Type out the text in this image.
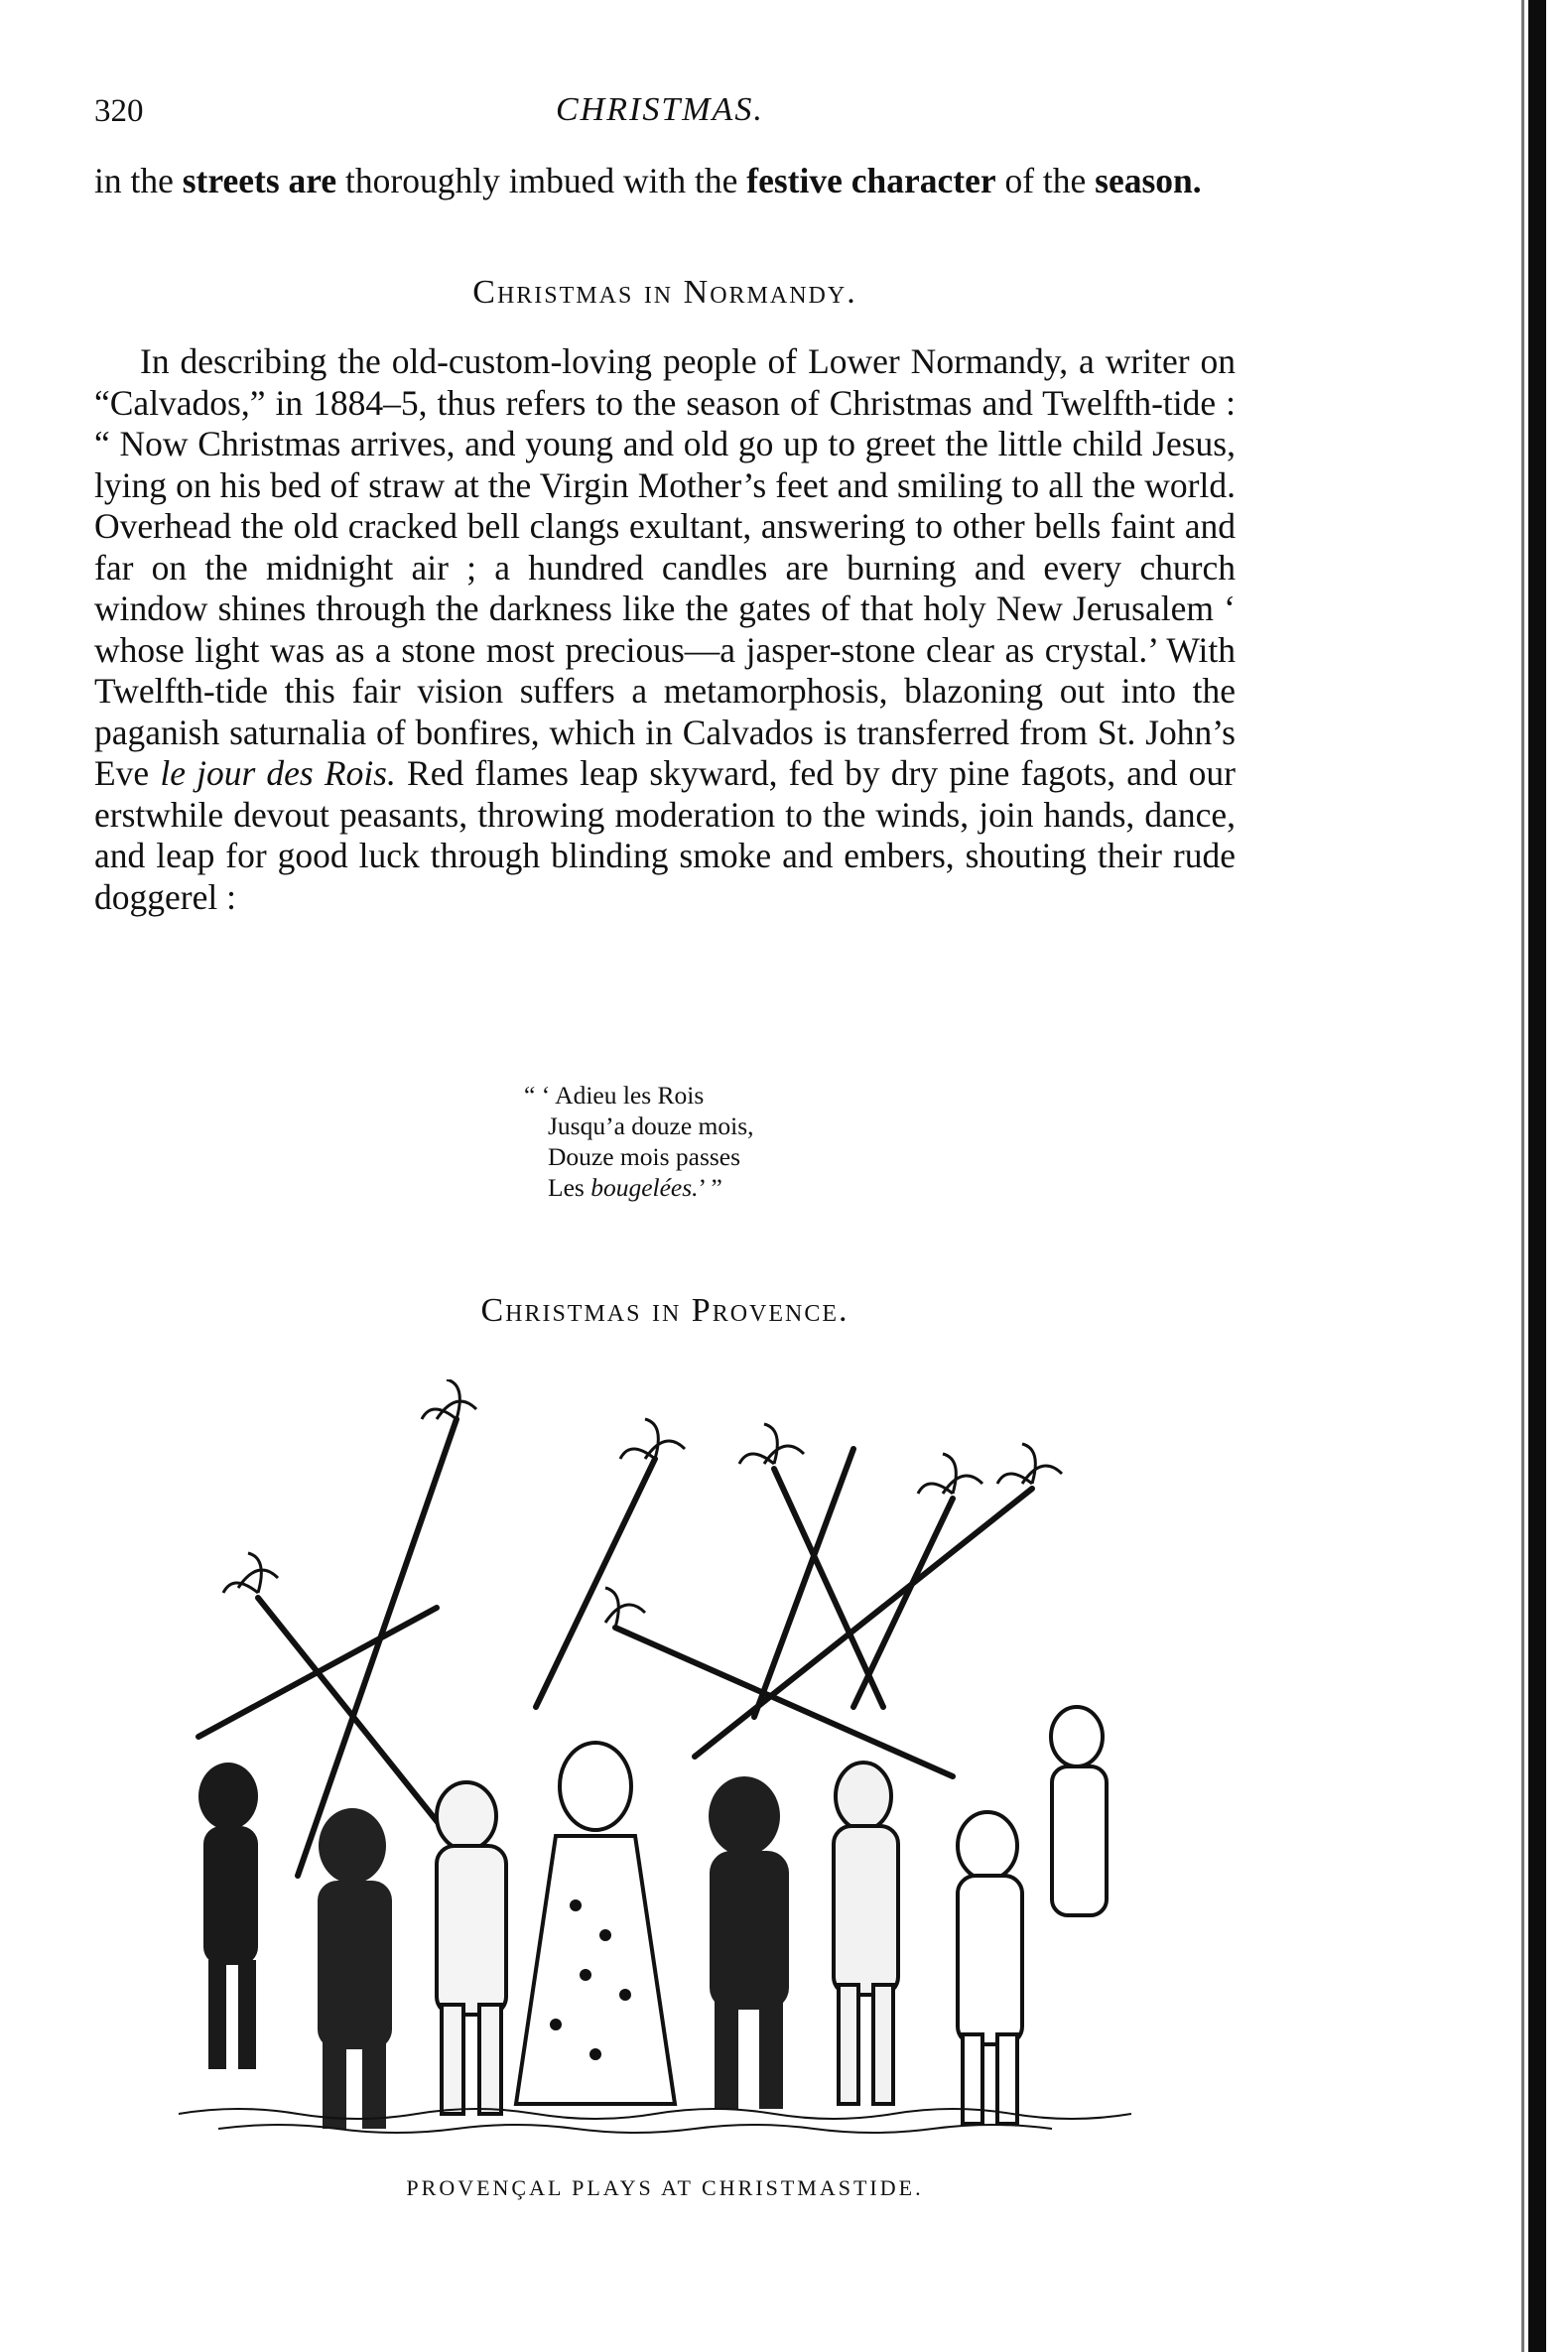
320	CHRISTMAS.
in the streets are thoroughly imbued with the festive character of the season.
Christmas in Normandy.
In describing the old-custom-loving people of Lower Normandy, a writer on “Calvados,” in 1884–5, thus refers to the season of Christmas and Twelfth-tide : “ Now Christmas arrives, and young and old go up to greet the little child Jesus, lying on his bed of straw at the Virgin Mother’s feet and smiling to all the world. Overhead the old cracked bell clangs exultant, answering to other bells faint and far on the midnight air ; a hundred candles are burning and every church window shines through the darkness like the gates of that holy New Jerusalem ‘ whose light was as a stone most precious—a jasper-stone clear as crystal.’ With Twelfth-tide this fair vision suffers a metamorphosis, blazoning out into the paganish saturnalia of bonfires, which in Calvados is transferred from St. John’s Eve le jour des Rois. Red flames leap skyward, fed by dry pine fagots, and our erstwhile devout peasants, throwing moderation to the winds, join hands, dance, and leap for good luck through blinding smoke and embers, shouting their rude doggerel :
“ ‘ Adieu les Rois
Jusqu’a douze mois,
Douze mois passes
Les bougelées.’ ”
Christmas in Provence.
PROVENÇAL PLAYS AT CHRISTMASTIDE.
